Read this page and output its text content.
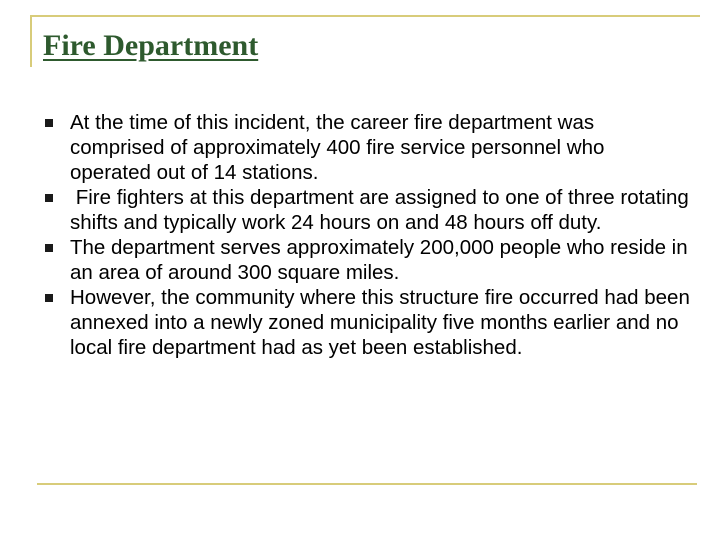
Fire Department
At the time of this incident, the career fire department was comprised of approximately 400 fire service personnel who operated out of 14 stations.
Fire fighters at this department are assigned to one of three rotating shifts and typically work 24 hours on and 48 hours off duty.
The department serves approximately 200,000 people who reside in an area of around 300 square miles.
However, the community where this structure fire occurred had been annexed into a newly zoned municipality five months earlier and no local fire department had as yet been established.
